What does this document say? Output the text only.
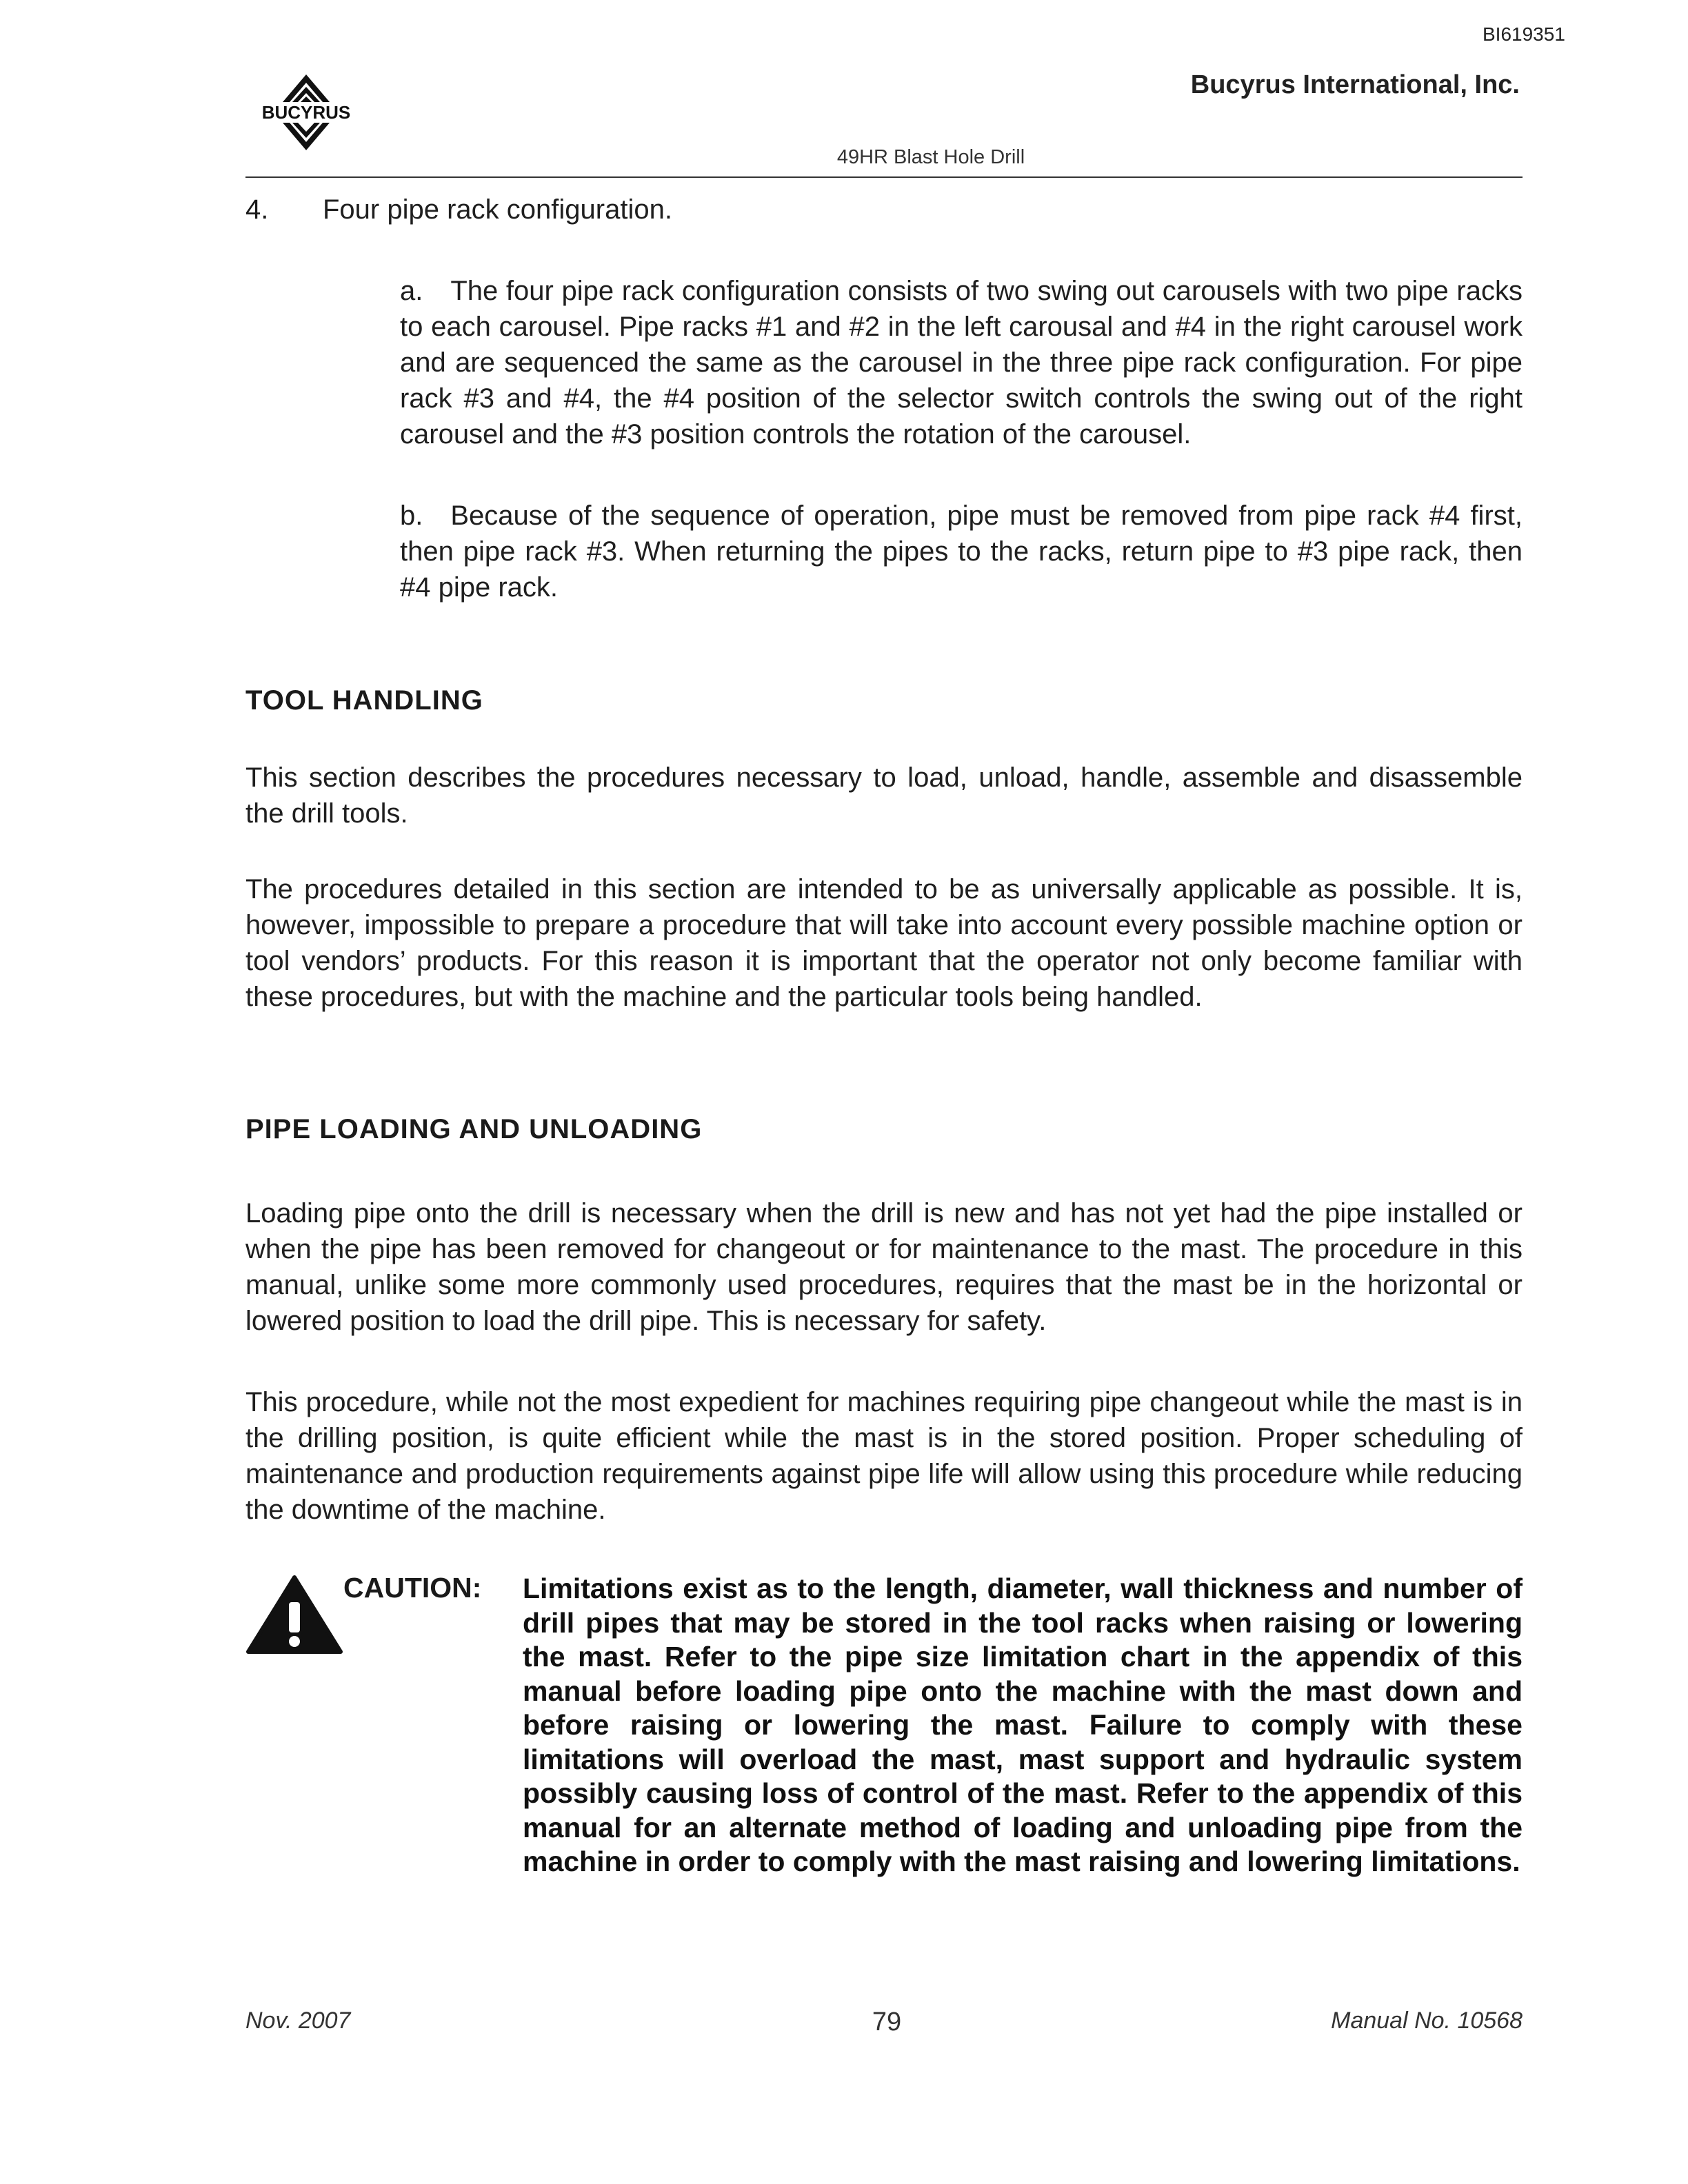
BI619351
BUCYRUS
Bucyrus International, Inc.
49HR Blast Hole Drill
4. Four pipe rack configuration.
a. The four pipe rack configuration consists of two swing out carousels with two pipe racks to each carousel. Pipe racks #1 and #2 in the left carousal and #4 in the right carousel work and are sequenced the same as the carousel in the three pipe rack configuration. For pipe rack #3 and #4, the #4 position of the selector switch controls the swing out of the right carousel and the #3 position controls the rotation of the carousel.
b. Because of the sequence of operation, pipe must be removed from pipe rack #4 first, then pipe rack #3. When returning the pipes to the racks, return pipe to #3 pipe rack, then #4 pipe rack.
TOOL HANDLING
This section describes the procedures necessary to load, unload, handle, assemble and disassemble the drill tools.
The procedures detailed in this section are intended to be as universally applicable as possible. It is, however, impossible to prepare a procedure that will take into account every possible machine option or tool vendors’ products. For this reason it is important that the operator not only become familiar with these procedures, but with the machine and the particular tools being handled.
PIPE LOADING AND UNLOADING
Loading pipe onto the drill is necessary when the drill is new and has not yet had the pipe installed or when the pipe has been removed for changeout or for maintenance to the mast. The procedure in this manual, unlike some more commonly used procedures, requires that the mast be in the horizontal or lowered position to load the drill pipe. This is necessary for safety.
This procedure, while not the most expedient for machines requiring pipe changeout while the mast is in the drilling position, is quite efficient while the mast is in the stored position. Proper scheduling of maintenance and production requirements against pipe life will allow using this procedure while reducing the downtime of the machine.
CAUTION: Limitations exist as to the length, diameter, wall thickness and number of drill pipes that may be stored in the tool racks when raising or lowering the mast. Refer to the pipe size limitation chart in the appendix of this manual before loading pipe onto the machine with the mast down and before raising or lowering the mast. Failure to comply with these limitations will overload the mast, mast support and hydraulic system possibly causing loss of control of the mast. Refer to the appendix of this manual for an alternate method of loading and unloading pipe from the machine in order to comply with the mast raising and lowering limitations.
Nov. 2007	79	Manual No. 10568
